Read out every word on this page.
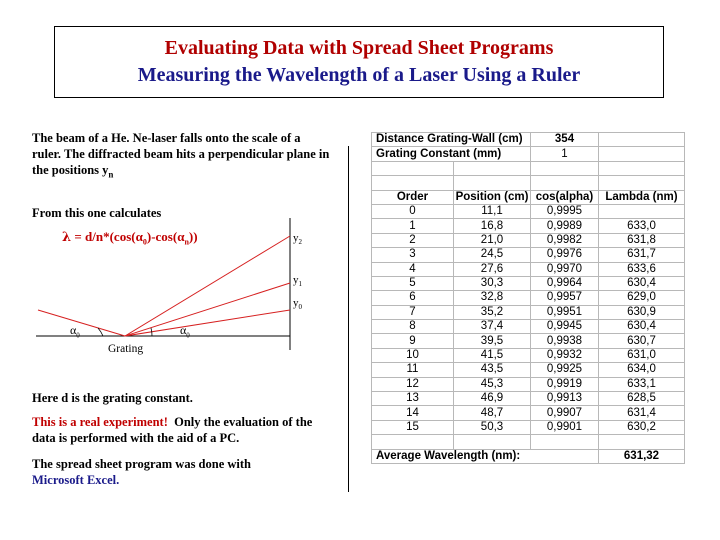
Evaluating Data with Spread Sheet Programs
Measuring the Wavelength of a Laser Using a Ruler
The beam of a He. Ne-laser falls onto the scale of a ruler. The diffracted beam hits a perpendicular plane in the positions $y_n$
From this one calculates
$\lambda = d/n*(\cos(\alpha_0)-\cos(\alpha_n))$	$y_2$
$y_1$
$y_0$
$\alpha_0$	$\alpha_0$
Grating
Here d is the grating constant.
This is a real experiment! Only the evaluation of the data is performed with the aid of a PC.
The spread sheet program was done with
Microsoft Excel.
Distance Grating-Wall (cm)		354	
Grating Constant (mm)		1	

Order	Position (cm)	cos(alpha)	Lambda (nm)
0	11,1	0,9995	
1	16,8	0,9989	633,0
2	21,0	0,9982	631,8
3	24,5	0,9976	631,7
4	27,6	0,9970	633,6
5	30,3	0,9964	630,4
6	32,8	0,9957	629,0
7	35,2	0,9951	630,9
8	37,4	0,9945	630,4
9	39,5	0,9938	630,7
10	41,5	0,9932	631,0
11	43,5	0,9925	634,0
12	45,3	0,9919	633,1
13	46,9	0,9913	628,5
14	48,7	0,9907	631,4
15	50,3	0,9901	630,2

Average Wavelength (nm):			631,32
